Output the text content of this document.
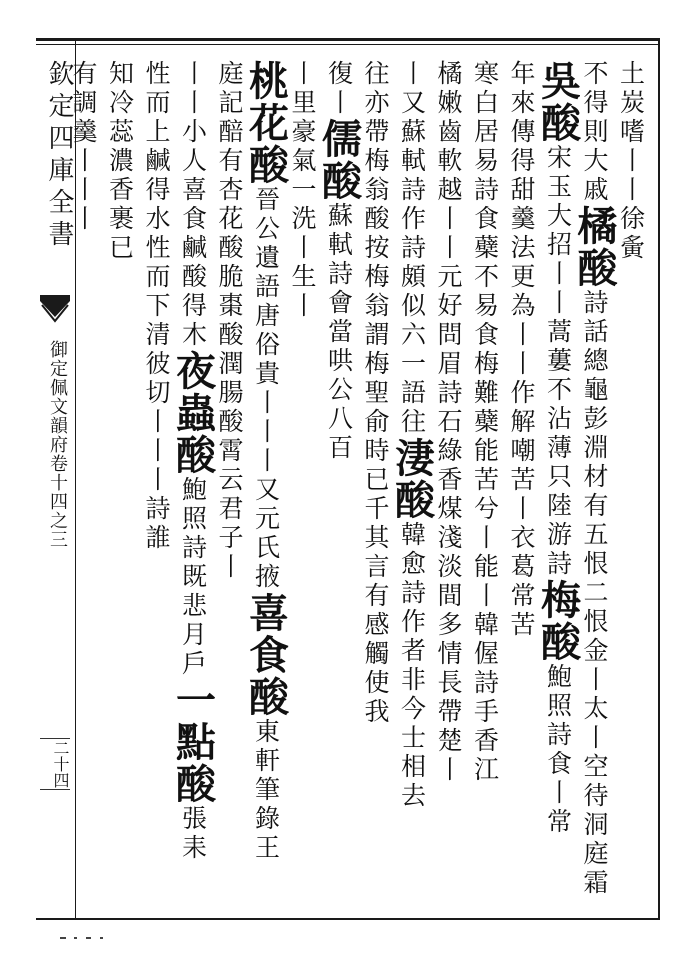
欽定四庫全書
御定佩文韻府卷十四之三
二十四
土炭嗜丨丨徐夤
不得則大戚橘酸詩話總龜彭淵材有五恨二恨金丨太丨空待洞庭霜
吳酸宋玉大招丨丨蒿蔞不沾薄只陸游詩梅酸鮑照詩食丨常
年來傳得甜羹法更為丨丨作解嘲苦丨衣葛常苦
寒白居易詩食蘗不易食梅難蘗能苦兮丨能丨韓偓詩手香江
橘嫩齒軟越丨丨元好問眉詩石綠香煤淺淡間多情長帶楚丨
丨又蘇軾詩作詩頗似六一語往淒酸韓愈詩作者非今士相去
往亦帶梅翁酸按梅翁謂梅聖俞時已千其言有感觸使我
復丨儒酸蘇軾詩會當哄公八百
丨里豪氣一洗丨生丨
桃花酸晉公遺語唐俗貴丨丨丨又元氏掖喜食酸東軒筆錄王
庭記醅有杏花酸脆棗酸潤腸酸霄云君子丨
丨丨小人喜食鹹酸得木夜蟲酸鮑照詩既悲月戶一點酸張耒
性而上鹹得水性而下清彼切丨丨丨詩誰
知冷蕊濃香裹已
有調羹丨丨丨
